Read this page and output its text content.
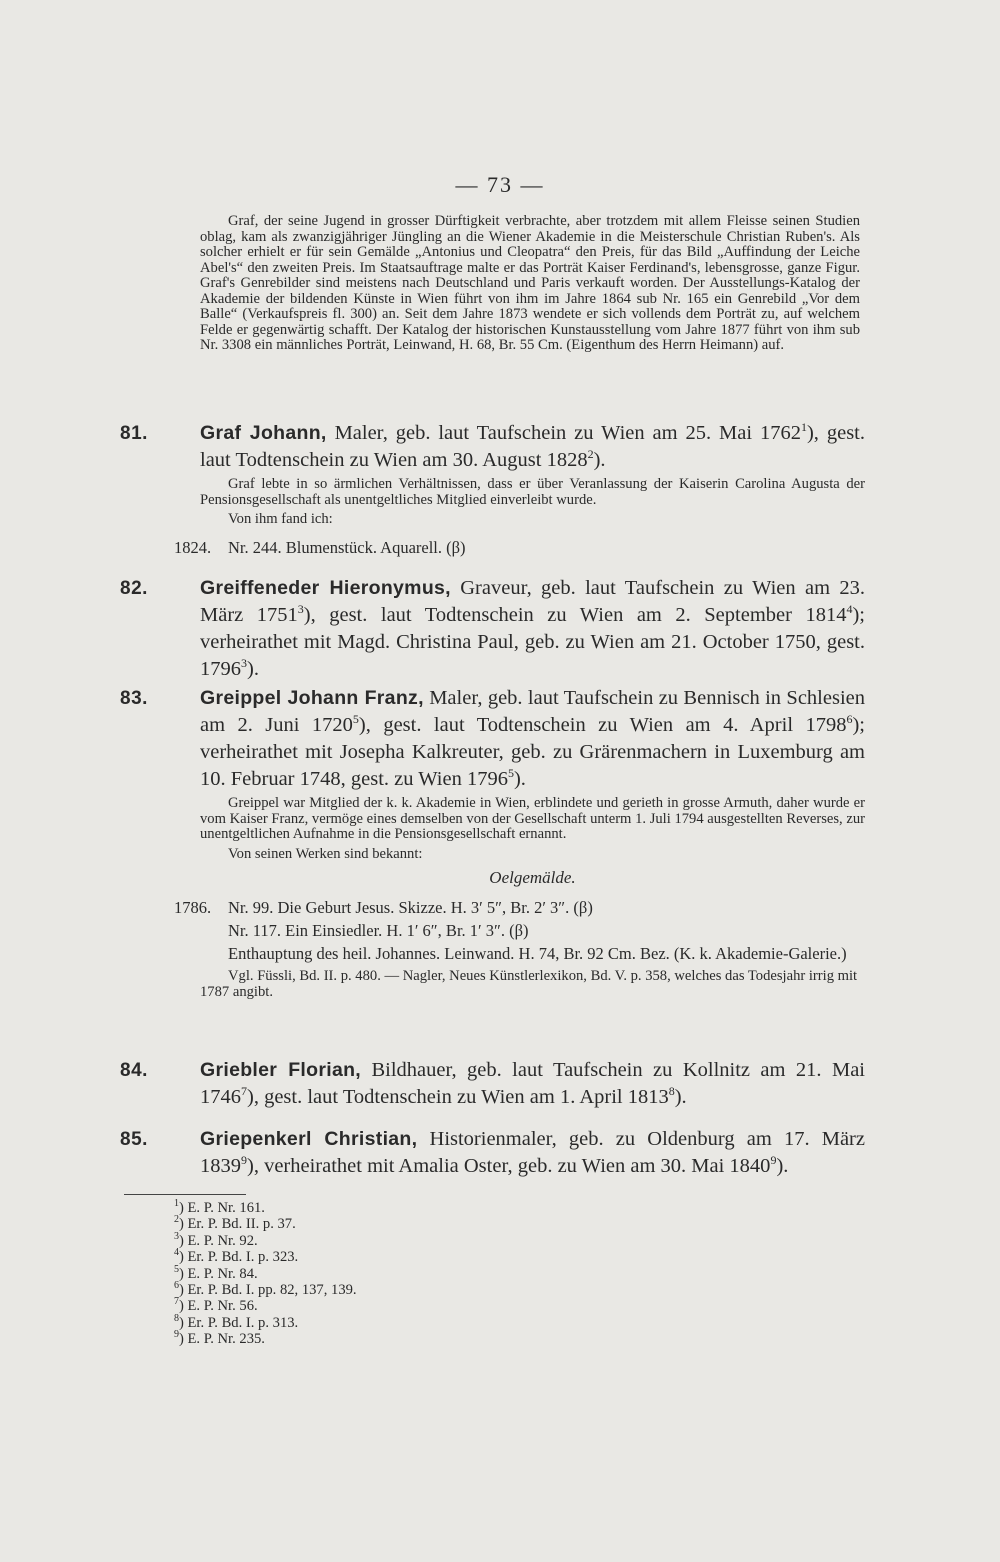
— 73 —
Graf, der seine Jugend in grosser Dürftigkeit verbrachte, aber trotzdem mit allem Fleisse seinen Studien oblag, kam als zwanzigjähriger Jüngling an die Wiener Akademie in die Meisterschule Christian Ruben's. Als solcher erhielt er für sein Gemälde „Antonius und Cleopatra“ den Preis, für das Bild „Auffindung der Leiche Abel's“ den zweiten Preis. Im Staatsauftrage malte er das Porträt Kaiser Ferdinand's, lebensgrosse, ganze Figur. Graf's Genrebilder sind meistens nach Deutschland und Paris verkauft worden. Der Ausstellungs-Katalog der Akademie der bildenden Künste in Wien führt von ihm im Jahre 1864 sub Nr. 165 ein Genrebild „Vor dem Balle“ (Verkaufspreis fl. 300) an. Seit dem Jahre 1873 wendete er sich vollends dem Porträt zu, auf welchem Felde er gegenwärtig schafft. Der Katalog der historischen Kunstausstellung vom Jahre 1877 führt von ihm sub Nr. 3308 ein männliches Porträt, Leinwand, H. 68, Br. 55 Cm. (Eigenthum des Herrn Heimann) auf.
81.	Graf Johann, Maler, geb. laut Taufschein zu Wien am 25. Mai 1762$^1$), gest. laut Todtenschein zu Wien am 30. August 1828$^2$).
Graf lebte in so ärmlichen Verhältnissen, dass er über Veranlassung der Kaiserin Carolina Augusta der Pensionsgesellschaft als unentgeltliches Mitglied einverleibt wurde.
Von ihm fand ich:
1824.	Nr. 244. Blumenstück. Aquarell. (β)
82.	Greiffeneder Hieronymus, Graveur, geb. laut Taufschein zu Wien am 23. März 1751$^3$), gest. laut Todtenschein zu Wien am 2. September 1814$^4$); verheirathet mit Magd. Christina Paul, geb. zu Wien am 21. October 1750, gest. 1796$^3$).
83.	Greippel Johann Franz, Maler, geb. laut Taufschein zu Bennisch in Schlesien am 2. Juni 1720$^5$), gest. laut Todtenschein zu Wien am 4. April 1798$^6$); verheirathet mit Josepha Kalkreuter, geb. zu Grärenmachern in Luxemburg am 10. Februar 1748, gest. zu Wien 1796$^5$).
Greippel war Mitglied der k. k. Akademie in Wien, erblindete und gerieth in grosse Armuth, daher wurde er vom Kaiser Franz, vermöge eines demselben von der Gesellschaft unterm 1. Juli 1794 ausgestellten Reverses, zur unentgeltlichen Aufnahme in die Pensionsgesellschaft ernannt.
Von seinen Werken sind bekannt:
Oelgemälde.
1786.	Nr. 99. Die Geburt Jesus. Skizze. H. 3′ 5″, Br. 2′ 3″. (β)
Nr. 117. Ein Einsiedler. H. 1′ 6″, Br. 1′ 3″. (β)
Enthauptung des heil. Johannes. Leinwand. H. 74, Br. 92 Cm. Bez. (K. k. Akademie-Galerie.)
Vgl. Füssli, Bd. II. p. 480. — Nagler, Neues Künstlerlexikon, Bd. V. p. 358, welches das Todesjahr irrig mit 1787 angibt.
84.	Griebler Florian, Bildhauer, geb. laut Taufschein zu Kollnitz am 21. Mai 1746$^7$), gest. laut Todtenschein zu Wien am 1. April 1813$^8$).
85.	Griepenkerl Christian, Historienmaler, geb. zu Oldenburg am 17. März 1839$^9$), verheirathet mit Amalia Oster, geb. zu Wien am 30. Mai 1840$^9$).
$^1$) E. P. Nr. 161.
$^2$) Er. P. Bd. II. p. 37.
$^3$) E. P. Nr. 92.
$^4$) Er. P. Bd. I. p. 323.
$^5$) E. P. Nr. 84.
$^6$) Er. P. Bd. I. pp. 82, 137, 139.
$^7$) E. P. Nr. 56.
$^8$) Er. P. Bd. I. p. 313.
$^9$) E. P. Nr. 235.
